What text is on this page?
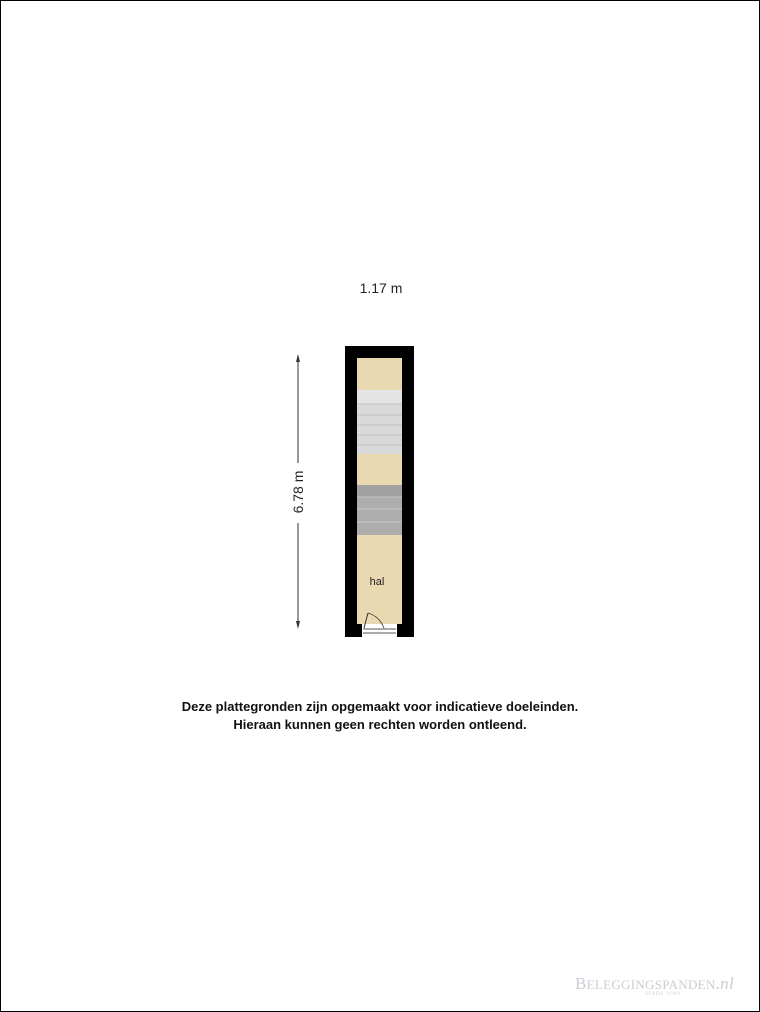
1.17 m
6.78 m
hal
Deze plattegronden zijn opgemaakt voor indicatieve doeleinden.
Hieraan kunnen geen rechten worden ontleend.
BELEGGINGSPANDEN.nl
SINDS 1999
